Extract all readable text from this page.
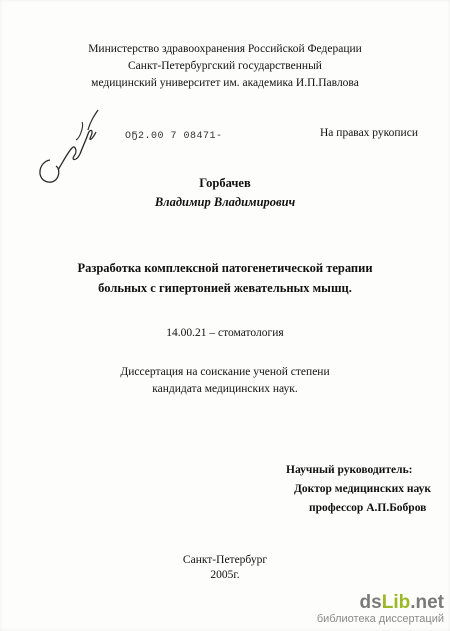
Министерство здравоохранения Российской Федерации
Санкт-Петербургский государственный
медицинский университет им. академика И.П.Павлова
ОҔ2.00 7 08471-	На правах рукописи
Горбачев
Владимир Владимирович
Разработка комплексной патогенетической терапии
больных с гипертонией жевательных мышц.
14.00.21 – стоматология
Диссертация на соискание ученой степени
кандидата медицинских наук.
Научный руководитель:
Доктор медицинских наук
профессор А.П.Бобров
Санкт-Петербург
2005г.
dsLib.net
библиотека диссертаций
